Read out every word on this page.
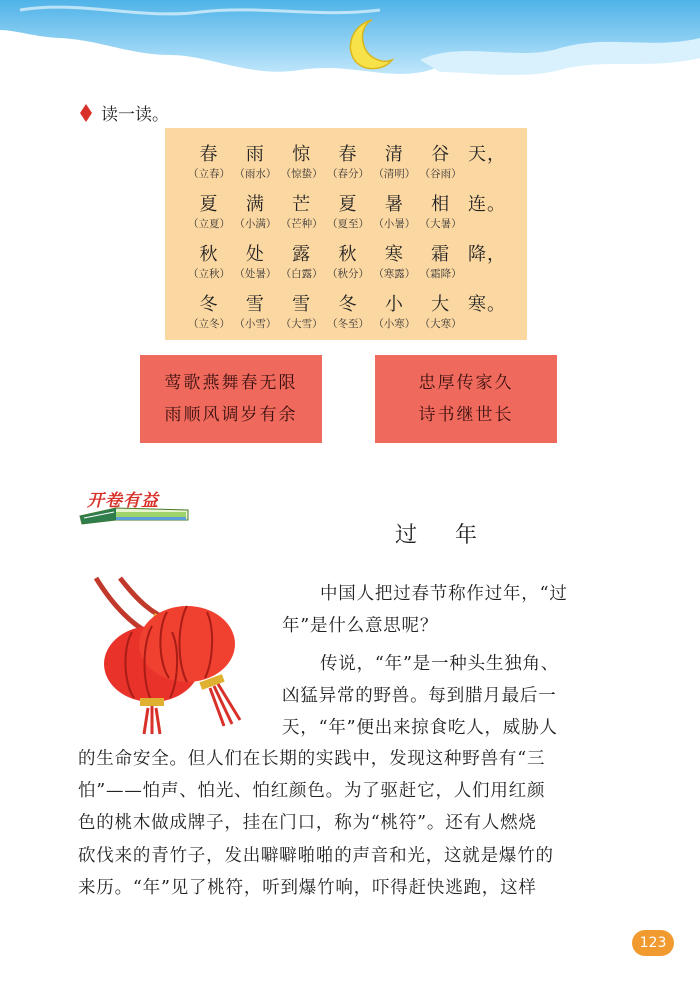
读一读。
春	雨	惊	春	清	谷 天，
（立春） （雨水） （惊蛰） （春分） （清明） （谷雨）
夏	满	芒	夏	暑	相 连。
（立夏） （小满） （芒种） （夏至） （小暑） （大暑）
秋	处	露	秋	寒	霜 降，
（立秋） （处暑） （白露） （秋分） （寒露） （霜降）
冬	雪	雪	冬	小	大 寒。
（立冬） （小雪） （大雪） （冬至） （小寒） （大寒）
莺歌燕舞春无限
雨顺风调岁有余
忠厚传家久
诗书继世长
开卷有益
过年
中国人把过春节称作过年，“过
年”是什么意思呢？
传说，“年”是一种头生独角、
凶猛异常的野兽。每到腊月最后一
天，“年”便出来掠食吃人，威胁人
的生命安全。但人们在长期的实践中，发现这种野兽有“三
怕”——怕声、怕光、怕红颜色。为了驱赶它，人们用红颜
色的桃木做成牌子，挂在门口，称为“桃符”。还有人燃烧
砍伐来的青竹子，发出噼噼啪啪的声音和光，这就是爆竹的
来历。“年”见了桃符，听到爆竹响，吓得赶快逃跑，这样
123
